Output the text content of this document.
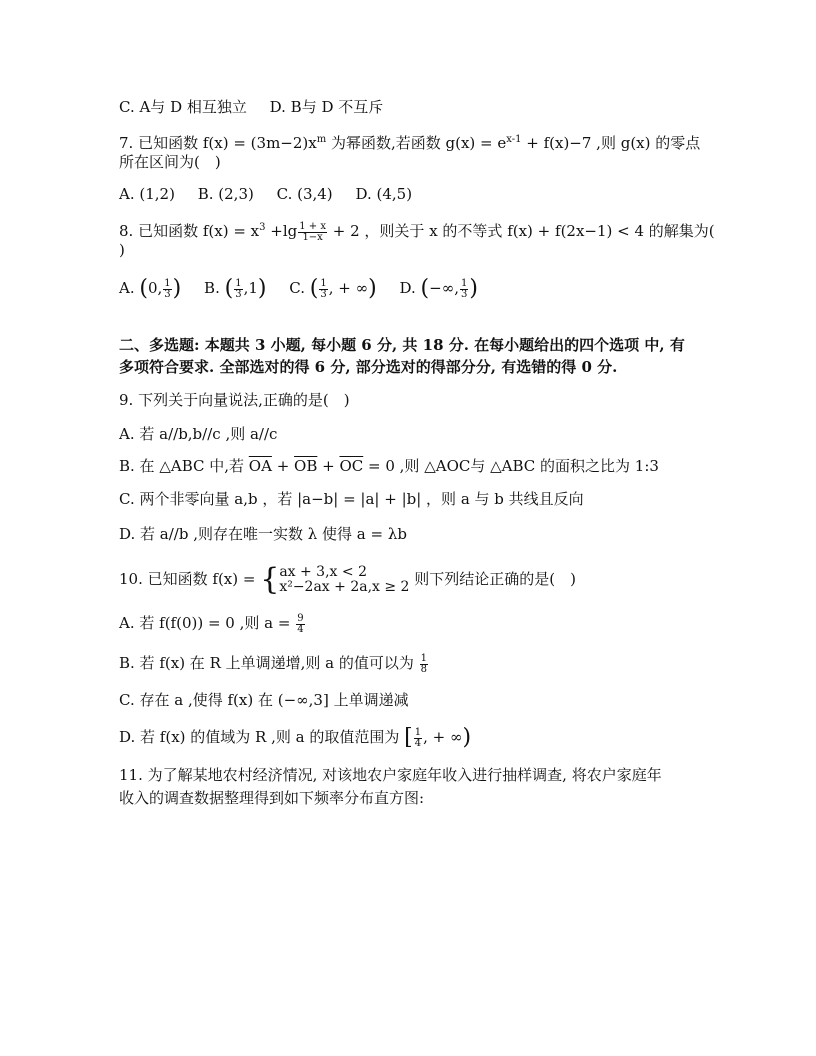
C. A与 D 相互独立 D. B与 D 不互斥
7. 已知函数 $f(x) = (3m-2)x^m$ 为幂函数,若函数 $g(x) = e^{x-1} + f(x)-7$ ,则 g(x) 的零点
所在区间为(　)
A. (1,2) B. (2,3) C. (3,4) D. (4,5)
8. 已知函数 $f(x) = x^3 +\lg \frac{1 + x}{1-x} + 2$ ，则关于 x 的不等式 f(x) + f(2x−1) < 4 的解集为(
)
A. (0, $\frac{1}{3}$ ) B. ( $\frac{1}{3} ,1$) C. ( $\frac{1}{3}$ , + ∞) D. (−∞, $\frac{1}{3}$ )
二、多选题: 本题共 3 小题, 每小题 6 分, 共 18 分. 在每小题给出的四个选项 中, 有
多项符合要求. 全部选对的得 6 分, 部分选对的得部分分, 有选错的得 0 分.
9. 下列关于向量说法,正确的是(　)
A. 若 a//b,b//c ,则 a//c
B. 在 △ABC 中,若 $\overline{OA} + \overline{OB} + \overline{OC} = 0$ ,则 △AOC与 △ABC 的面积之比为 1:3
C. 两个非零向量 a,b ，若 |a−b| = |a| + |b| ，则 a 与 b 共线且反向
D. 若 a//b ,则存在唯一实数 λ 使得 a = λb
10. 已知函数 f(x) = { ax + 3,x < 2
x²−2ax + 2a,x ≥ 2 则下列结论正确的是(　)
A. 若 f(f(0)) = 0 ,则 $a = \frac{9}{4}$
B. 若 f(x) 在 R 上单调递增,则 a 的值可以为 $\frac{1}{8}$
C. 存在 a ,使得 f(x) 在 (−∞,3] 上单调递减
D. 若 f(x) 的值域为 R ,则 a 的取值范围为 [ $\frac{1}{4}$ , + ∞)
11. 为了解某地农村经济情况, 对该地农户家庭年收入进行抽样调查, 将农户家庭年
收入的调查数据整理得到如下频率分布直方图:
